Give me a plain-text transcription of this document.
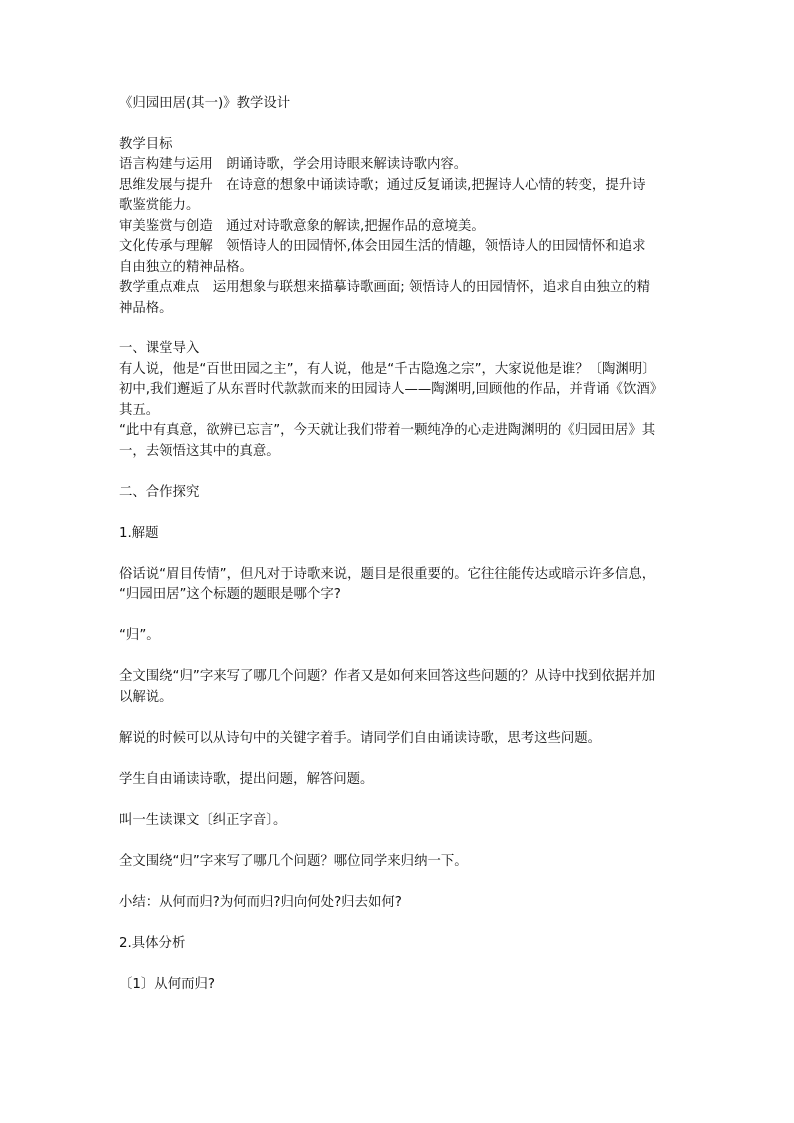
《归园田居(其一)》教学设计
教学目标
语言构建与运用　朗诵诗歌，学会用诗眼来解读诗歌内容。
思维发展与提升　在诗意的想象中诵读诗歌；通过反复诵读,把握诗人心情的转变，提升诗
歌鉴赏能力。
审美鉴赏与创造　通过对诗歌意象的解读,把握作品的意境美。
文化传承与理解　领悟诗人的田园情怀,体会田园生活的情趣，领悟诗人的田园情怀和追求
自由独立的精神品格。
教学重点难点　运用想象与联想来描摹诗歌画面; 领悟诗人的田园情怀，追求自由独立的精
神品格。
一、课堂导入
有人说，他是“百世田园之主”，有人说，他是“千古隐逸之宗”，大家说他是谁？〔陶渊明〕
初中,我们邂逅了从东晋时代款款而来的田园诗人——陶渊明,回顾他的作品，并背诵《饮酒》
其五。
“此中有真意，欲辨已忘言”，今天就让我们带着一颗纯净的心走进陶渊明的《归园田居》其
一，去领悟这其中的真意。
二、合作探究
1.解题
俗话说“眉目传情”，但凡对于诗歌来说，题目是很重要的。它往往能传达或暗示许多信息，
“归园田居”这个标题的题眼是哪个字?
“归”。
全文围绕“归”字来写了哪几个问题？作者又是如何来回答这些问题的？从诗中找到依据并加
以解说。
解说的时候可以从诗句中的关键字着手。请同学们自由诵读诗歌，思考这些问题。
学生自由诵读诗歌，提出问题，解答问题。
叫一生读课文〔纠正字音〕。
全文围绕“归”字来写了哪几个问题？哪位同学来归纳一下。
小结：从何而归?为何而归?归向何处?归去如何?
2.具体分析
〔1〕从何而归?
